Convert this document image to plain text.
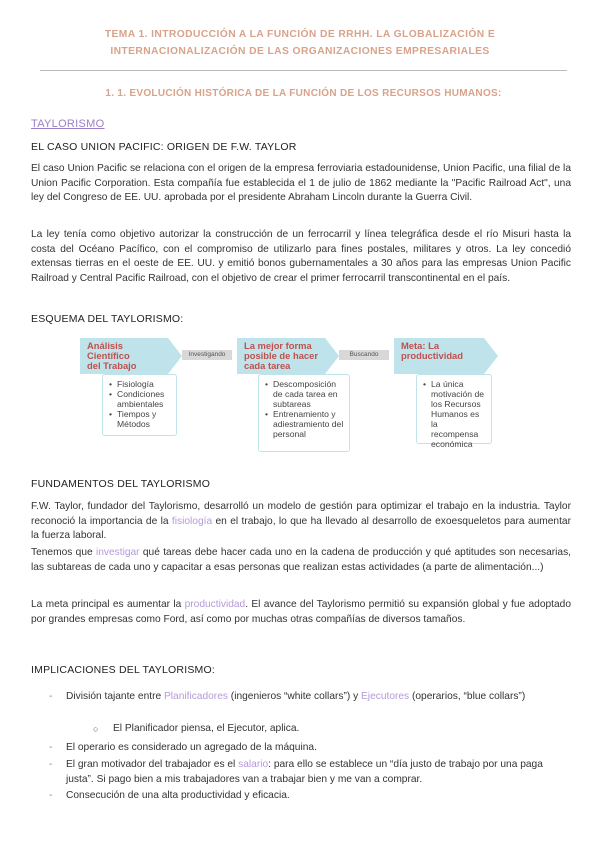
TEMA 1. INTRODUCCIÓN A LA FUNCIÓN DE RRHH. LA GLOBALIZACIÓN E
INTERNACIONALIZACIÓN DE LAS ORGANIZACIONES EMPRESARIALES
1. 1. EVOLUCIÓN HISTÓRICA DE LA FUNCIÓN DE LOS RECURSOS HUMANOS:
TAYLORISMO
EL CASO UNION PACIFIC: ORIGEN DE F.W. TAYLOR

El caso Union Pacific se relaciona con el origen de la empresa ferroviaria estadounidense, Union Pacific, una filial de la Union Pacific Corporation. Esta compañía fue establecida el 1 de julio de 1862 mediante la "Pacific Railroad Act", una ley del Congreso de EE. UU. aprobada por el presidente Abraham Lincoln durante la Guerra Civil.

La ley tenía como objetivo autorizar la construcción de un ferrocarril y línea telegráfica desde el río Misuri hasta la costa del Océano Pacífico, con el compromiso de utilizarlo para fines postales, militares y otros. La ley concedió extensas tierras en el oeste de EE. UU. y emitió bonos gubernamentales a 30 años para las empresas Union Pacific Railroad y Central Pacific Railroad, con el objetivo de crear el primer ferrocarril transcontinental en el país.

ESQUEMA DEL TAYLORISMO:
Análisis Científico
del Trabajo
Investigando
La mejor forma
posible de hacer
cada tarea
Buscando
Meta: La
productividad
• Fisiología
• Condiciones ambientales
• Tiempos y Métodos
• Descomposición de cada tarea en subtareas
• Entrenamiento y adiestramiento del personal
• La única motivación de los Recursos Humanos es la recompensa económica
FUNDAMENTOS DEL TAYLORISMO

F.W. Taylor, fundador del Taylorismo, desarrolló un modelo de gestión para optimizar el trabajo en la industria. Taylor reconoció la importancia de la fisiología en el trabajo, lo que ha llevado al desarrollo de exoesqueletos para aumentar la fuerza laboral.

Tenemos que investigar qué tareas debe hacer cada uno en la cadena de producción y qué aptitudes son necesarias, las subtareas de cada uno y capacitar a esas personas que realizan estas actividades (a parte de alimentación...)

La meta principal es aumentar la productividad. El avance del Taylorismo permitió su expansión global y fue adoptado por grandes empresas como Ford, así como por muchas otras compañías de diversos tamaños.

IMPLICACIONES DEL TAYLORISMO:
- División tajante entre Planificadores (ingenieros “white collars”) y Ejecutores (operarios, “blue collars”)
○ El Planificador piensa, el Ejecutor, aplica.
- El operario es considerado un agregado de la máquina.
- El gran motivador del trabajador es el salario: para ello se establece un “día justo de trabajo por una paga justa”. Si pago bien a mis trabajadores van a trabajar bien y me van a comprar.
- Consecución de una alta productividad y eficacia.
